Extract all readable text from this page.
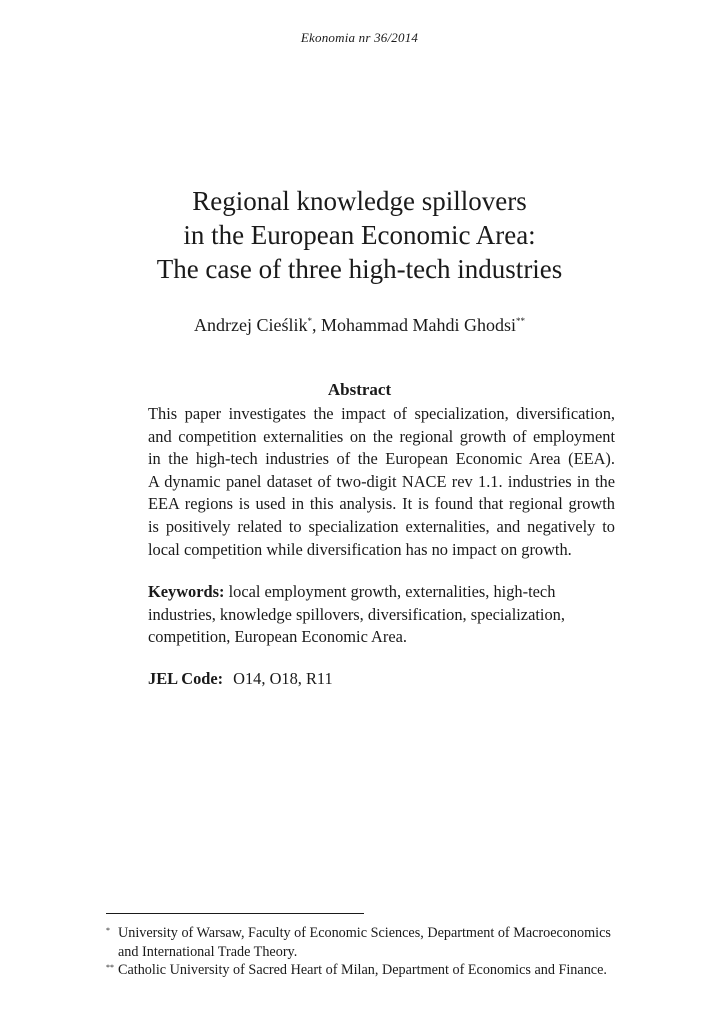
Ekonomia nr 36/2014
Regional knowledge spillovers
in the European Economic Area:
The case of three high-tech industries
Andrzej Cieślik*, Mohammad Mahdi Ghodsi**
Abstract
This paper investigates the impact of specialization, diversification,
and competition externalities on the regional growth of employment
in the high-tech industries of the European Economic Area (EEA).
A dynamic panel dataset of two-digit NACE rev 1.1. industries in the
EEA regions is used in this analysis. It is found that regional growth
is positively related to specialization externalities, and negatively to
local competition while diversification has no impact on growth.
Keywords: local employment growth, externalities, high-tech
industries, knowledge spillovers, diversification, specialization,
competition, European Economic Area.
JEL Code: O14, O18, R11
* University of Warsaw, Faculty of Economic Sciences, Department of Macroeconomics
and International Trade Theory.
** Catholic University of Sacred Heart of Milan, Department of Economics and Finance.
